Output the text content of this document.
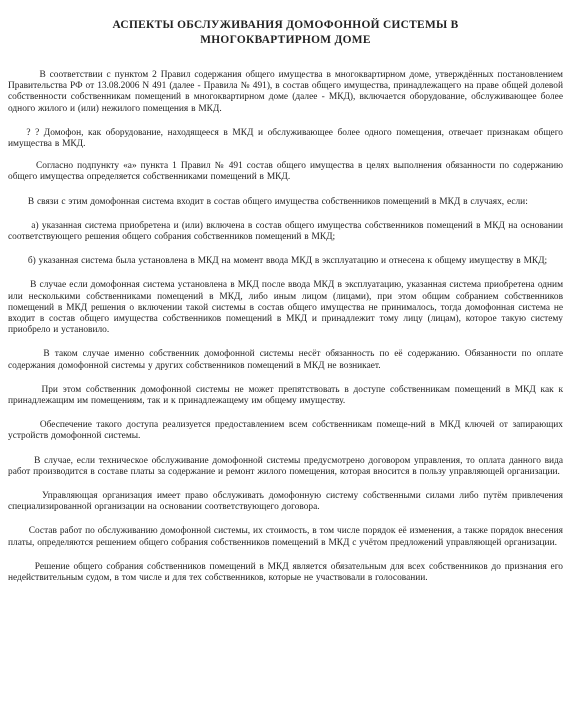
АСПЕКТЫ ОБСЛУЖИВАНИЯ ДОМОФОННОЙ СИСТЕМЫ В
МНОГОКВАРТИРНОМ ДОМЕ

В соответствии с пунктом 2 Правил содержания общего имущества в многоквартирном доме, утверждённых постановлением Правительства РФ от 13.08.2006 N 491 (далее - Правила № 491), в состав общего имущества, принадлежащего на праве общей долевой собственности собственникам помещений в многоквартирном доме (далее - МКД), включается оборудование, обслуживающее более одного жилого и (или) нежилого помещения в МКД.

? ? Домофон, как оборудование, находящееся в МКД и обслуживающее более одного помещения, отвечает признакам общего имущества в МКД.

Согласно подпункту «а» пункта 1 Правил № 491 состав общего имущества в целях выполнения обязанности по содержанию общего имущества определяется собственниками помещений в МКД.

В связи с этим домофонная система входит в состав общего имущества собственников помещений в МКД в случаях, если:

а) указанная система приобретена и (или) включена в состав общего имущества собственников помещений в МКД на основании соответствующего решения общего собрания собственников помещений в МКД;

б) указанная система была установлена в МКД на момент ввода МКД в эксплуатацию и отнесена к общему имуществу в МКД;

В случае если домофонная система установлена в МКД после ввода МКД в эксплуатацию, указанная система приобретена одним или несколькими собственниками помещений в МКД, либо иным лицом (лицами), при этом общим собранием собственников помещений в МКД решения о включении такой системы в состав общего имущества не принималось, тогда домофонная система не входит в состав общего имущества собственников помещений в МКД и принадлежит тому лицу (лицам), которое такую систему приобрело и установило.

В таком случае именно собственник домофонной системы несёт обязанность по её содержанию. Обязанности по оплате содержания домофонной системы у других собственников помещений в МКД не возникает.

При этом собственник домофонной системы не может препятствовать в доступе собственникам помещений в МКД как к принадлежащим им помещениям, так и к принадлежащему им общему имуществу.

Обеспечение такого доступа реализуется предоставлением всем собственникам помеще-ний в МКД ключей от запирающих устройств домофонной системы.

В случае, если техническое обслуживание домофонной системы предусмотрено договором управления, то оплата данного вида работ производится в составе платы за содержание и ремонт жилого помещения, которая вносится в пользу управляющей организации.

Управляющая организация имеет право обслуживать домофонную систему собственными силами либо путём привлечения специализированной организации на основании соответствующего договора.

Состав работ по обслуживанию домофонной системы, их стоимость, в том числе порядок её изменения, а также порядок внесения платы, определяются решением общего собрания собственников помещений в МКД с учётом предложений управляющей организации.

Решение общего собрания собственников помещений в МКД является обязательным для всех собственников до признания его недействительным судом, в том числе и для тех собственников, которые не участвовали в голосовании.
